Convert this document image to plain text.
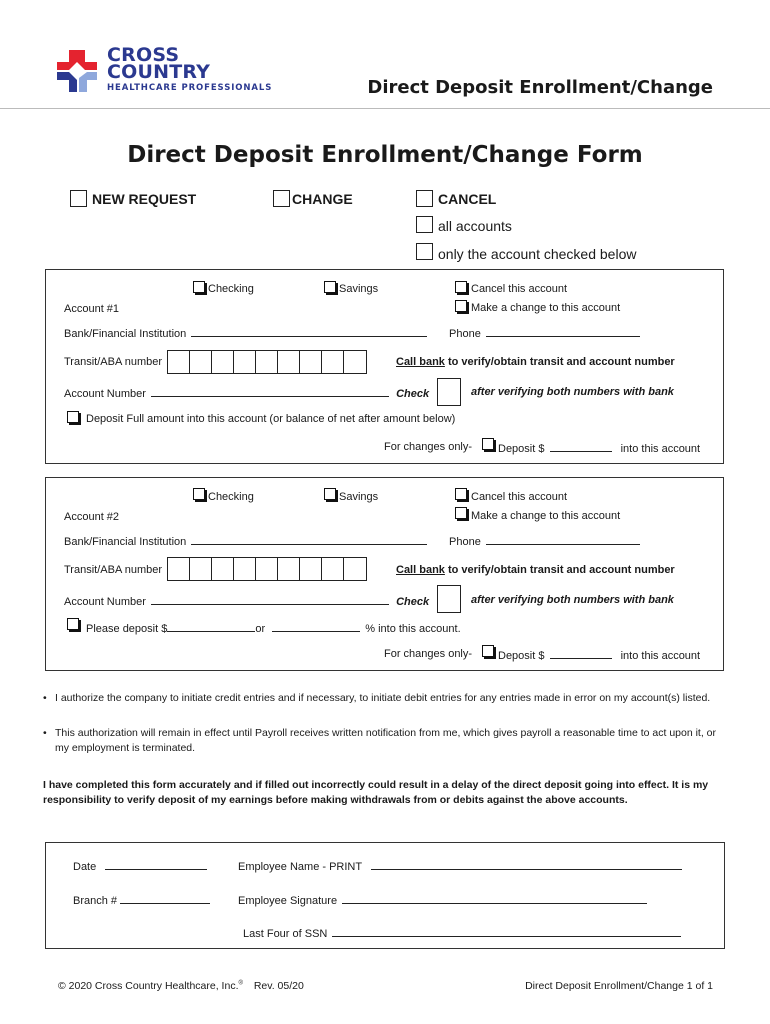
CROSS
COUNTRY
HEALTHCARE PROFESSIONALS	Direct Deposit Enrollment/Change
Direct Deposit Enrollment/Change Form
NEW REQUEST	CHANGE	CANCEL
all accounts
only the account checked below
Checking	Savings	Cancel this account
Make a change to this account
Account #1
Bank/Financial Institution	Phone
Transit/ABA number	Call bank to verify/obtain transit and account number
Account Number	Check	after verifying both numbers with bank
Deposit Full amount into this account (or balance of net after amount below)
For changes only- Deposit $	into this account
Checking	Savings	Cancel this account
Make a change to this account
Account #2
Bank/Financial Institution	Phone
Transit/ABA number	Call bank to verify/obtain transit and account number
Account Number	Check	after verifying both numbers with bank
Please deposit $	or	% into this account.
For changes only- Deposit $	into this account
• I authorize the company to initiate credit entries and if necessary, to initiate debit entries for any entries made in error on my account(s) listed.
• This authorization will remain in effect until Payroll receives written notification from me, which gives payroll a reasonable time to act upon it, or my employment is terminated.
I have completed this form accurately and if filled out incorrectly could result in a delay of the direct deposit going into effect. It is my responsibility to verify deposit of my earnings before making withdrawals from or debits against the above accounts.
Date	Employee Name - PRINT
Branch #	Employee Signature
Last Four of SSN
© 2020 Cross Country Healthcare, Inc.® Rev. 05/20	Direct Deposit Enrollment/Change 1 of 1
